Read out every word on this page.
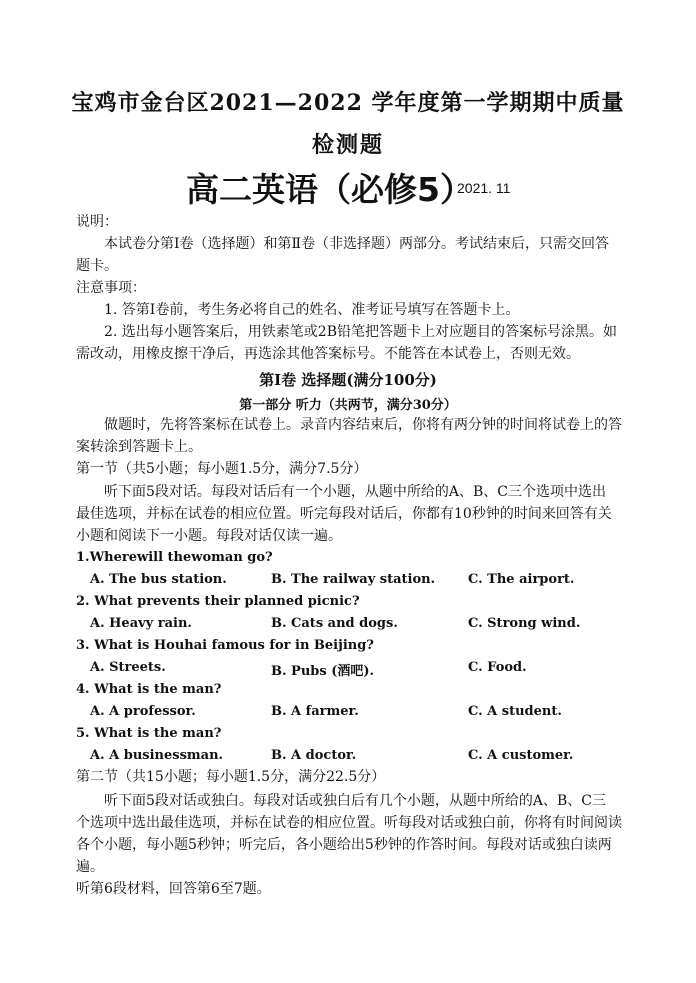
宝鸡市金台区2021—2022 学年度第一学期期中质量
检测题
高二英语（必修5）
2021. 11
说明：
本试卷分第Ⅰ卷（选择题）和第Ⅱ卷（非选择题）两部分。考试结束后，只需交回答
题卡。
注意事项：
1. 答第Ⅰ卷前，考生务必将自己的姓名、准考证号填写在答题卡上。
2. 选出每小题答案后，用铁素笔或2B铅笔把答题卡上对应题目的答案标号涂黑。如
需改动，用橡皮擦干净后，再选涂其他答案标号。不能答在本试卷上，否则无效。
第Ⅰ卷 选择题(满分100分)
第一部分 听力（共两节，满分30分）
做题时，先将答案标在试卷上。录音内容结束后，你将有两分钟的时间将试卷上的答
案转涂到答题卡上。
第一节（共5小题；每小题1.5分，满分7.5分）
听下面5段对话。每段对话后有一个小题，从题中所给的A、B、C三个选项中选出
最佳选项，并标在试卷的相应位置。听完每段对话后，你都有10秒钟的时间来回答有关
小题和阅读下一小题。每段对话仅读一遍。
1.Wherewill thewoman go?
A. The bus station.	B. The railway station.	C. The airport.
2. What prevents their planned picnic?
A. Heavy rain.	B. Cats and dogs.	C. Strong wind.
3. What is Houhai famous for in Beijing?
A. Streets.	B. Pubs (酒吧).	C. Food.
4. What is the man?
A. A professor.	B. A farmer.	C. A student.
5. What is the man?
A. A businessman.	B. A doctor.	C. A customer.
第二节（共15小题；每小题1.5分，满分22.5分）
听下面5段对话或独白。每段对话或独白后有几个小题，从题中所给的A、B、C三
个选项中选出最佳选项，并标在试卷的相应位置。听每段对话或独白前，你将有时间阅读
各个小题，每小题5秒钟；听完后，各小题给出5秒钟的作答时间。每段对话或独白读两
遍。
听第6段材料，回答第6至7题。
